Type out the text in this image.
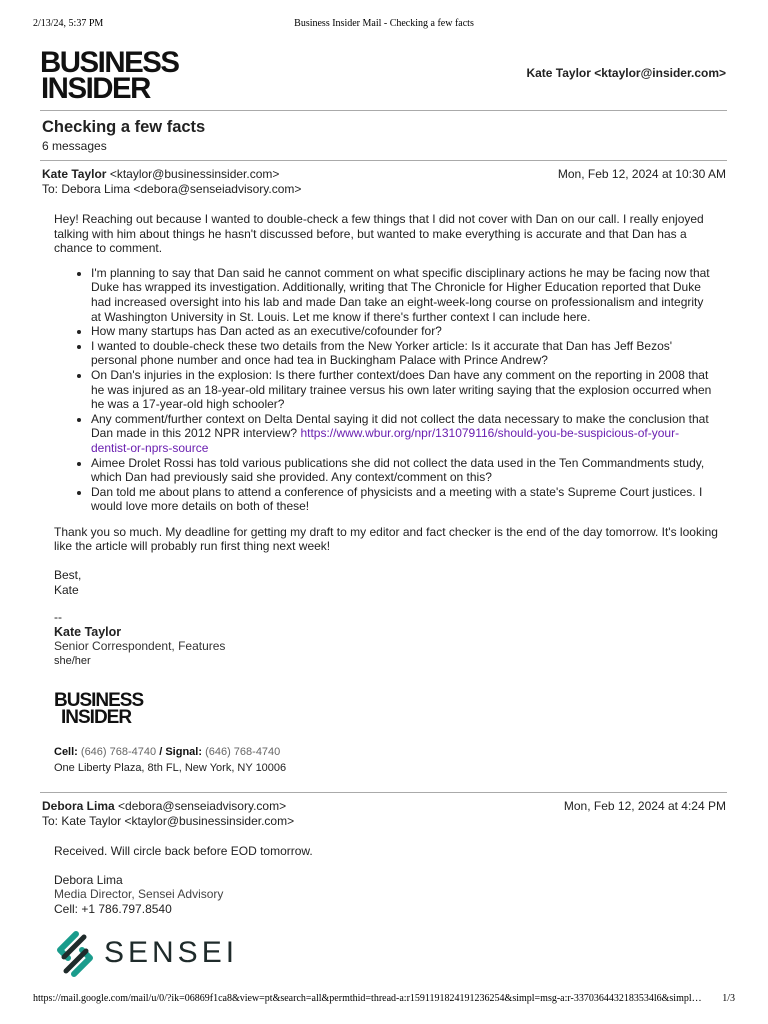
2/13/24, 5:37 PM	Business Insider Mail - Checking a few facts
BUSINESS
INSIDER	Kate Taylor <ktaylor@insider.com>
Checking a few facts
6 messages
Kate Taylor <ktaylor@businessinsider.com>	Mon, Feb 12, 2024 at 10:30 AM
To: Debora Lima <debora@senseiadvisory.com>

Hey! Reaching out because I wanted to double-check a few things that I did not cover with Dan on our call. I really enjoyed talking with him about things he hasn't discussed before, but wanted to make everything is accurate and that Dan has a chance to comment.

• I'm planning to say that Dan said he cannot comment on what specific disciplinary actions he may be facing now that Duke has wrapped its investigation. Additionally, writing that The Chronicle for Higher Education reported that Duke had increased oversight into his lab and made Dan take an eight-week-long course on professionalism and integrity at Washington University in St. Louis. Let me know if there's further context I can include here.
• How many startups has Dan acted as an executive/cofounder for?
• I wanted to double-check these two details from the New Yorker article: Is it accurate that Dan has Jeff Bezos' personal phone number and once had tea in Buckingham Palace with Prince Andrew?
• On Dan's injuries in the explosion: Is there further context/does Dan have any comment on the reporting in 2008 that he was injured as an 18-year-old military trainee versus his own later writing saying that the explosion occurred when he was a 17-year-old high schooler?
• Any comment/further context on Delta Dental saying it did not collect the data necessary to make the conclusion that Dan made in this 2012 NPR interview? https://www.wbur.org/npr/131079116/should-you-be-suspicious-of-your-dentist-or-nprs-source
• Aimee Drolet Rossi has told various publications she did not collect the data used in the Ten Commandments study, which Dan had previously said she provided. Any context/comment on this?
• Dan told me about plans to attend a conference of physicists and a meeting with a state's Supreme Court justices. I would love more details on both of these!

Thank you so much. My deadline for getting my draft to my editor and fact checker is the end of the day tomorrow. It's looking like the article will probably run first thing next week!

Best,

Kate

--

Kate Taylor

Senior Correspondent, Features

she/her

BUSINESS
INSIDER
Cell: (646) 768-4740 / Signal: (646) 768-4740
One Liberty Plaza, 8th FL, New York, NY 10006
Debora Lima <debora@senseiadvisory.com>	Mon, Feb 12, 2024 at 4:24 PM
To: Kate Taylor <ktaylor@businessinsider.com>

Received. Will circle back before EOD tomorrow.

Debora Lima

Media Director, Sensei Advisory

Cell: +1 786.797.8540

SENSEI
https://mail.google.com/mail/u/0/?ik=06869f1ca8&view=pt&search=all&permthid=thread-a:r1591191824191236254&simpl=msg-a:r-3370364432183534l6&simpl…	1/3
